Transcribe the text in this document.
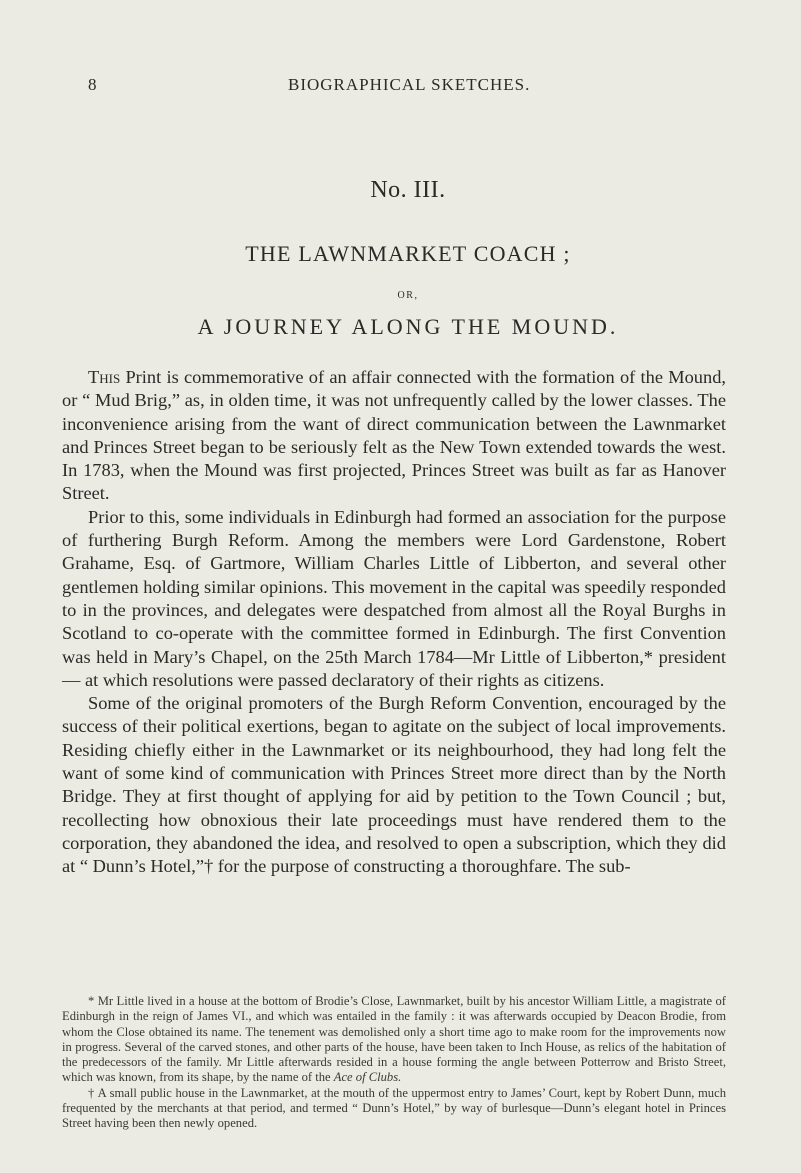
8	BIOGRAPHICAL SKETCHES.
No. III.
THE LAWNMARKET COACH ;
OR,
A JOURNEY ALONG THE MOUND.

This Print is commemorative of an affair connected with the formation of the Mound, or “ Mud Brig,” as, in olden time, it was not unfrequently called by the lower classes. The inconvenience arising from the want of direct communication between the Lawnmarket and Princes Street began to be seriously felt as the New Town extended towards the west. In 1783, when the Mound was first projected, Princes Street was built as far as Hanover Street.

Prior to this, some individuals in Edinburgh had formed an association for the purpose of furthering Burgh Reform. Among the members were Lord Gardenstone, Robert Grahame, Esq. of Gartmore, William Charles Little of Libberton, and several other gentlemen holding similar opinions. This movement in the capital was speedily responded to in the provinces, and delegates were despatched from almost all the Royal Burghs in Scotland to co-operate with the committee formed in Edinburgh. The first Convention was held in Mary’s Chapel, on the 25th March 1784—Mr Little of Libberton,* president— at which resolutions were passed declaratory of their rights as citizens.

Some of the original promoters of the Burgh Reform Convention, encouraged by the success of their political exertions, began to agitate on the subject of local improvements. Residing chiefly either in the Lawnmarket or its neighbourhood, they had long felt the want of some kind of communication with Princes Street more direct than by the North Bridge. They at first thought of applying for aid by petition to the Town Council ; but, recollecting how obnoxious their late proceedings must have rendered them to the corporation, they abandoned the idea, and resolved to open a subscription, which they did at “ Dunn’s Hotel,”† for the purpose of constructing a thoroughfare. The sub-

* Mr Little lived in a house at the bottom of Brodie’s Close, Lawnmarket, built by his ancestor William Little, a magistrate of Edinburgh in the reign of James VI., and which was entailed in the family : it was afterwards occupied by Deacon Brodie, from whom the Close obtained its name. The tenement was demolished only a short time ago to make room for the improvements now in progress. Several of the carved stones, and other parts of the house, have been taken to Inch House, as relics of the habitation of the predecessors of the family. Mr Little afterwards resided in a house forming the angle between Potterrow and Bristo Street, which was known, from its shape, by the name of the Ace of Clubs.

† A small public house in the Lawnmarket, at the mouth of the uppermost entry to James’ Court, kept by Robert Dunn, much frequented by the merchants at that period, and termed “ Dunn’s Hotel,” by way of burlesque—Dunn’s elegant hotel in Princes Street having been then newly opened.
